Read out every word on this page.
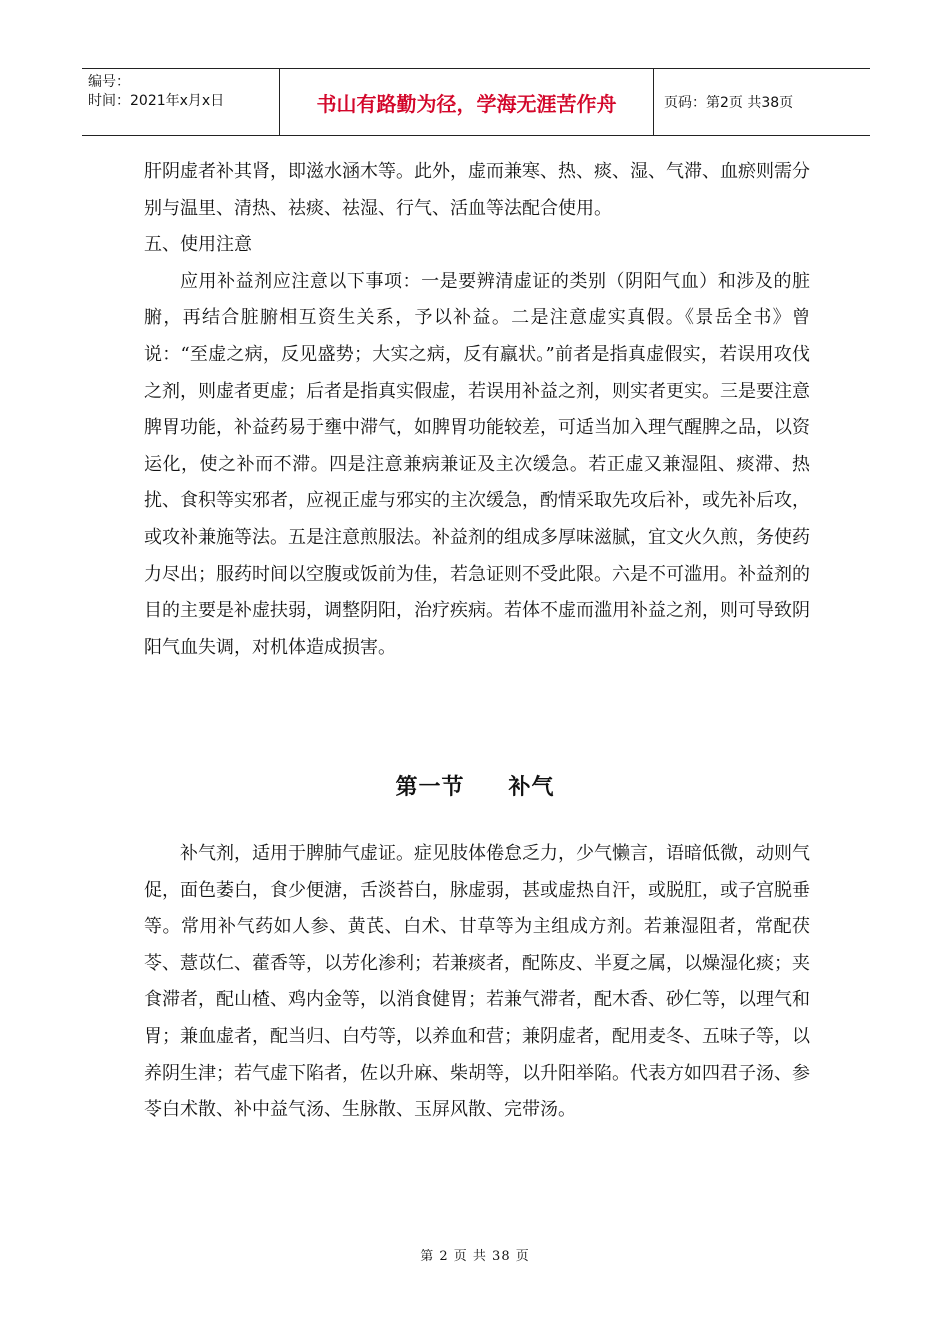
编号：
时间：2021年x月x日	书山有路勤为径，学海无涯苦作舟	页码：第2页 共38页

肝阴虚者补其肾，即滋水涵木等。此外，虚而兼寒、热、痰、湿、气滞、血瘀则需分别与温里、清热、祛痰、祛湿、行气、活血等法配合使用。

五、使用注意

应用补益剂应注意以下事项：一是要辨清虚证的类别（阴阳气血）和涉及的脏腑，再结合脏腑相互资生关系，予以补益。二是注意虚实真假。《景岳全书》曾说：“至虚之病，反见盛势；大实之病，反有羸状。”前者是指真虚假实，若误用攻伐之剂，则虚者更虚；后者是指真实假虚，若误用补益之剂，则实者更实。三是要注意脾胃功能，补益药易于壅中滞气，如脾胃功能较差，可适当加入理气醒脾之品，以资运化，使之补而不滞。四是注意兼病兼证及主次缓急。若正虚又兼湿阻、痰滞、热扰、食积等实邪者，应视正虚与邪实的主次缓急，酌情采取先攻后补，或先补后攻，或攻补兼施等法。五是注意煎服法。补益剂的组成多厚味滋腻，宜文火久煎，务使药力尽出；服药时间以空腹或饭前为佳，若急证则不受此限。六是不可滥用。补益剂的目的主要是补虚扶弱，调整阴阳，治疗疾病。若体不虚而滥用补益之剂，则可导致阴阳气血失调，对机体造成损害。

第一节 补气

补气剂，适用于脾肺气虚证。症见肢体倦怠乏力，少气懒言，语暗低微，动则气促，面色萎白，食少便溏，舌淡苔白，脉虚弱，甚或虚热自汗，或脱肛，或子宫脱垂等。常用补气药如人参、黄芪、白术、甘草等为主组成方剂。若兼湿阻者，常配茯苓、薏苡仁、藿香等，以芳化渗利；若兼痰者，配陈皮、半夏之属，以燥湿化痰；夹食滞者，配山楂、鸡内金等，以消食健胃；若兼气滞者，配木香、砂仁等，以理气和胃；兼血虚者，配当归、白芍等，以养血和营；兼阴虚者，配用麦冬、五味子等，以养阴生津；若气虚下陷者，佐以升麻、柴胡等，以升阳举陷。代表方如四君子汤、参苓白术散、补中益气汤、生脉散、玉屏风散、完带汤。

第 2 页 共 38 页
